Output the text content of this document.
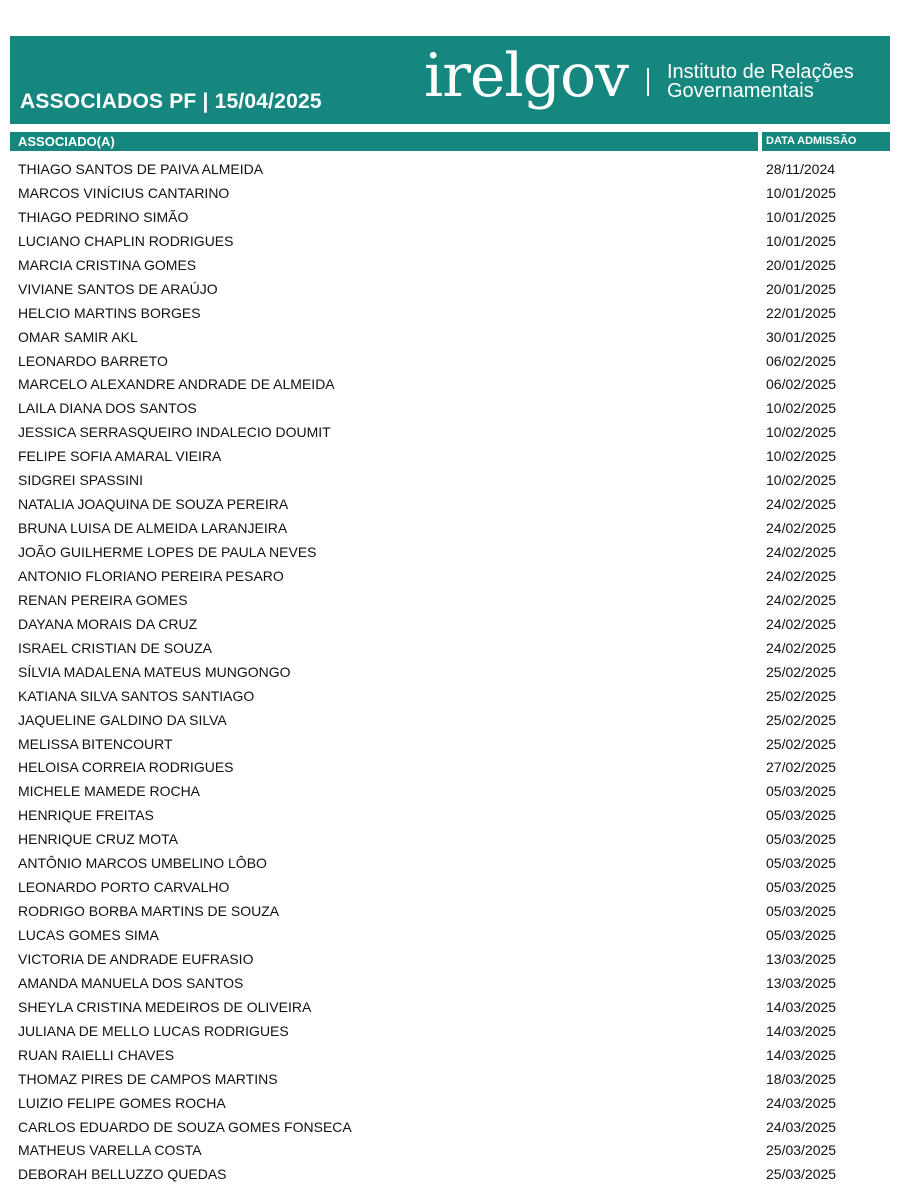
ASSOCIADOS PF | 15/04/2025 irelgov Instituto de Relações
Governamentais
ASSOCIADO(A)	DATA ADMISSÃO
THIAGO SANTOS DE PAIVA ALMEIDA	28/11/2024
MARCOS VINÍCIUS CANTARINO	10/01/2025
THIAGO PEDRINO SIMÃO	10/01/2025
LUCIANO CHAPLIN RODRIGUES	10/01/2025
MARCIA CRISTINA GOMES	20/01/2025
VIVIANE SANTOS DE ARAÚJO	20/01/2025
HELCIO MARTINS BORGES	22/01/2025
OMAR SAMIR AKL	30/01/2025
LEONARDO BARRETO	06/02/2025
MARCELO ALEXANDRE ANDRADE DE ALMEIDA	06/02/2025
LAILA DIANA DOS SANTOS	10/02/2025
JESSICA SERRASQUEIRO INDALECIO DOUMIT	10/02/2025
FELIPE SOFIA AMARAL VIEIRA	10/02/2025
SIDGREI SPASSINI	10/02/2025
NATALIA JOAQUINA DE SOUZA PEREIRA	24/02/2025
BRUNA LUISA DE ALMEIDA LARANJEIRA	24/02/2025
JOÃO GUILHERME LOPES DE PAULA NEVES	24/02/2025
ANTONIO FLORIANO PEREIRA PESARO	24/02/2025
RENAN PEREIRA GOMES	24/02/2025
DAYANA MORAIS DA CRUZ	24/02/2025
ISRAEL CRISTIAN DE SOUZA	24/02/2025
SÍLVIA MADALENA MATEUS MUNGONGO	25/02/2025
KATIANA SILVA SANTOS SANTIAGO	25/02/2025
JAQUELINE GALDINO DA SILVA	25/02/2025
MELISSA BITENCOURT	25/02/2025
HELOISA CORREIA RODRIGUES	27/02/2025
MICHELE MAMEDE ROCHA	05/03/2025
HENRIQUE FREITAS	05/03/2025
HENRIQUE CRUZ MOTA	05/03/2025
ANTÔNIO MARCOS UMBELINO LÔBO	05/03/2025
LEONARDO PORTO CARVALHO	05/03/2025
RODRIGO BORBA MARTINS DE SOUZA	05/03/2025
LUCAS GOMES SIMA	05/03/2025
VICTORIA DE ANDRADE EUFRASIO	13/03/2025
AMANDA MANUELA DOS SANTOS	13/03/2025
SHEYLA CRISTINA MEDEIROS DE OLIVEIRA	14/03/2025
JULIANA DE MELLO LUCAS RODRIGUES	14/03/2025
RUAN RAIELLI CHAVES	14/03/2025
THOMAZ PIRES DE CAMPOS MARTINS	18/03/2025
LUIZIO FELIPE GOMES ROCHA	24/03/2025
CARLOS EDUARDO DE SOUZA GOMES FONSECA	24/03/2025
MATHEUS VARELLA COSTA	25/03/2025
DEBORAH BELLUZZO QUEDAS	25/03/2025
